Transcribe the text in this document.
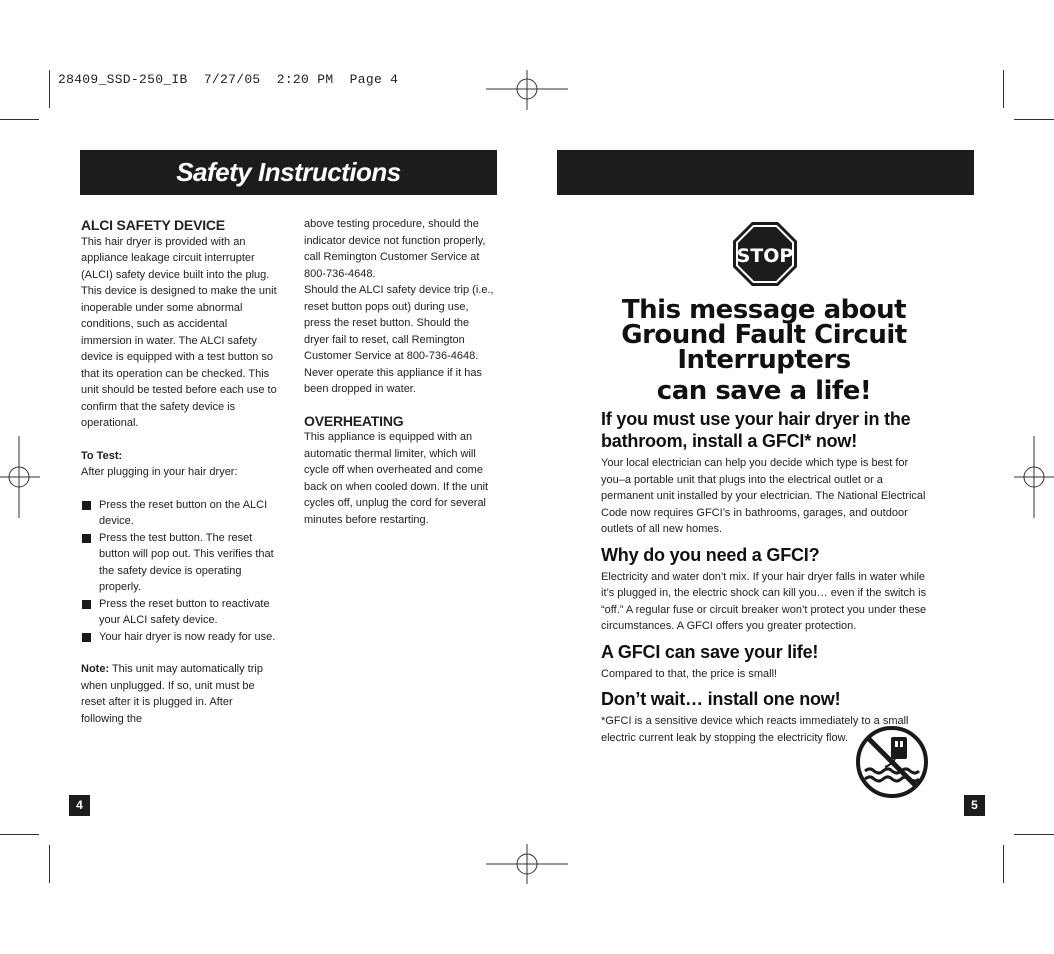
28409_SSD-250_IB  7/27/05  2:20 PM  Page 4
Safety Instructions

ALCI SAFETY DEVICE

This hair dryer is provided with an appliance leakage circuit interrupter (ALCI) safety device built into the plug. This device is designed to make the unit inoperable under some abnormal conditions, such as accidental immersion in water. The ALCI safety device is equipped with a test button so that its operation can be checked. This unit should be tested before each use to confirm that the safety device is operational.

To Test:

After plugging in your hair dryer:

Press the reset button on the ALCI device.
Press the test button. The reset button will pop out. This verifies that the safety device is operating properly.
Press the reset button to reactivate your ALCI safety device.
Your hair dryer is now ready for use.

Note: This unit may automatically trip when unplugged. If so, unit must be reset after it is plugged in. After following the

above testing procedure, should the indicator device not function properly, call Remington Customer Service at 800-736-4648.

Should the ALCI safety device trip (i.e., reset button pops out) during use, press the reset button. Should the dryer fail to reset, call Remington Customer Service at 800-736-4648. Never operate this appliance if it has been dropped in water.

OVERHEATING

This appliance is equipped with an automatic thermal limiter, which will cycle off when overheated and come back on when cooled down. If the unit cycles off, unplug the cord for several minutes before restarting.

4
STOP
This message about
Ground Fault Circuit
Interrupters
can save a life!

If you must use your hair dryer in the bathroom, install a GFCI* now!

Your local electrician can help you decide which type is best for you–a portable unit that plugs into the electrical outlet or a permanent unit installed by your electrician. The National Electrical Code now requires GFCI’s in bathrooms, garages, and outdoor outlets of all new homes.

Why do you need a GFCI?

Electricity and water don’t mix. If your hair dryer falls in water while it’s plugged in, the electric shock can kill you… even if the switch is “off.” A regular fuse or circuit breaker won’t protect you under these circumstances. A GFCI offers you greater protection.

A GFCI can save your life!

Compared to that, the price is small!

Don’t wait… install one now!

*GFCI is a sensitive device which reacts immediately to a small electric current leak by stopping the electricity flow.

5
